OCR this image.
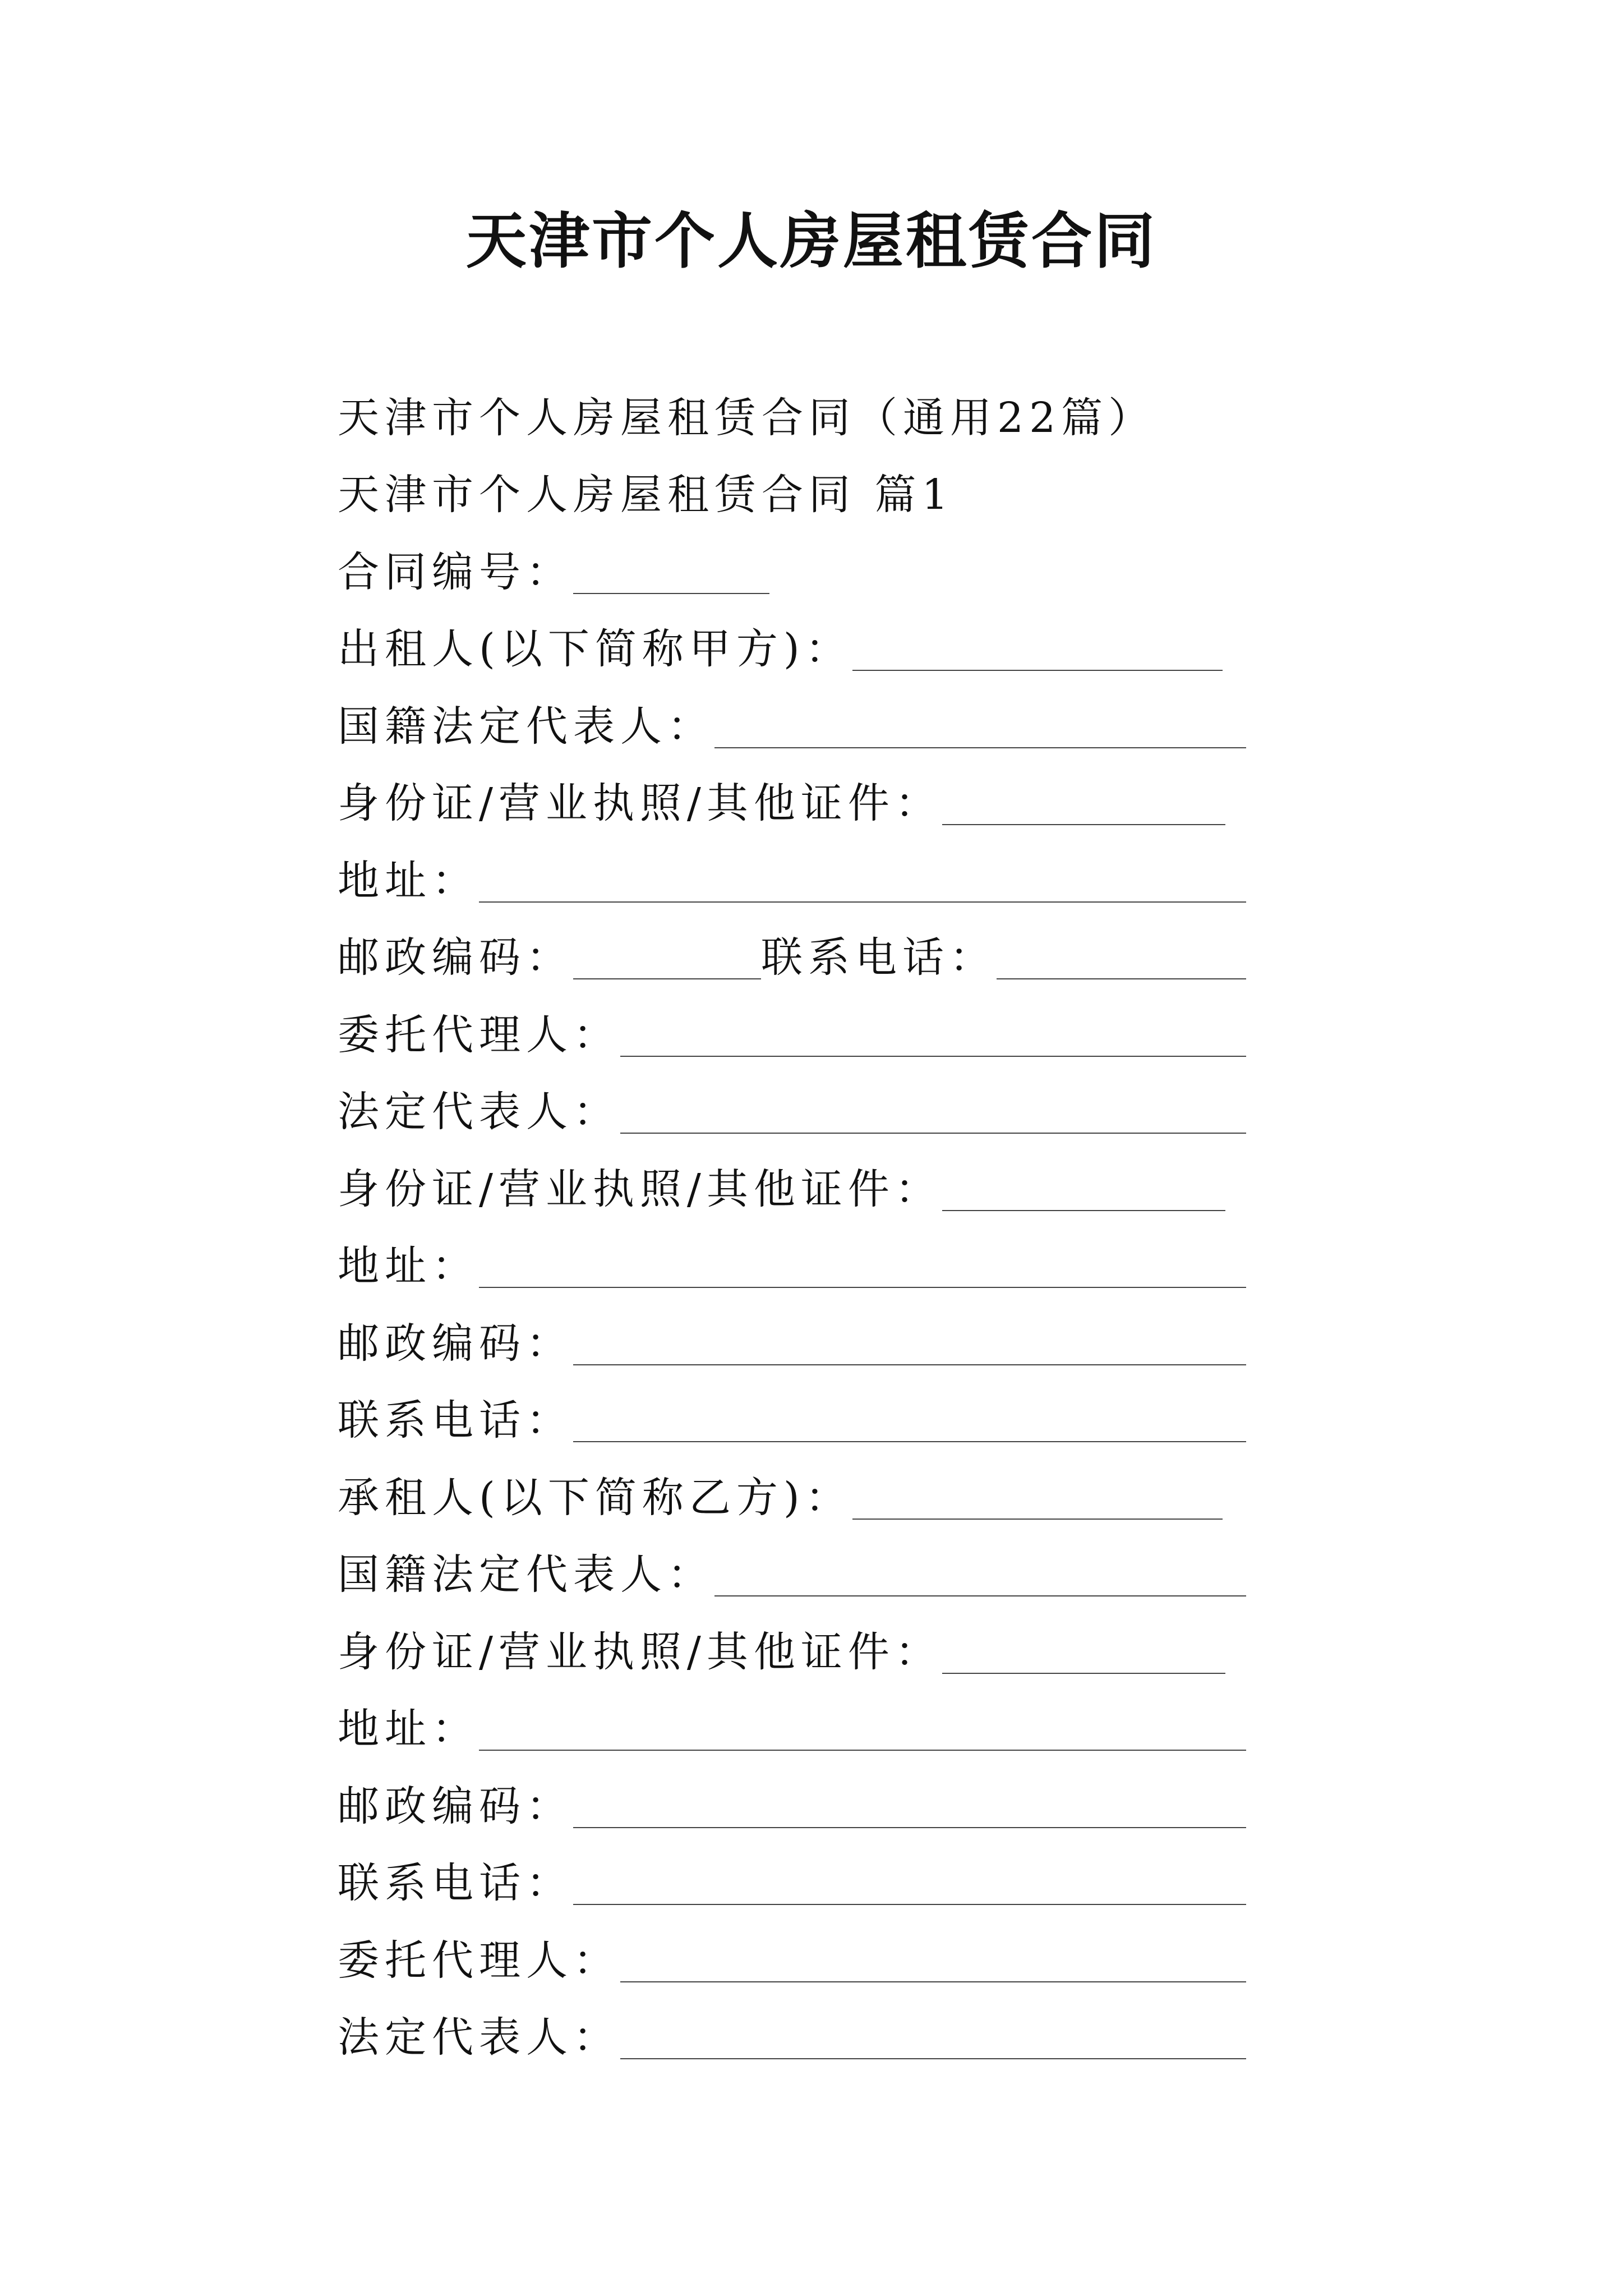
天津市个人房屋租赁合同
天津市个人房屋租赁合同（通用22篇）
天津市个人房屋租赁合同 篇1
合同编号：
出租人(以下简称甲方)：
国籍法定代表人：
身份证/营业执照/其他证件：
地址：
邮政编码：	联系电话：
委托代理人：
法定代表人：
身份证/营业执照/其他证件：
地址：
邮政编码：
联系电话：
承租人(以下简称乙方)：
国籍法定代表人：
身份证/营业执照/其他证件：
地址：
邮政编码：
联系电话：
委托代理人：
法定代表人：
